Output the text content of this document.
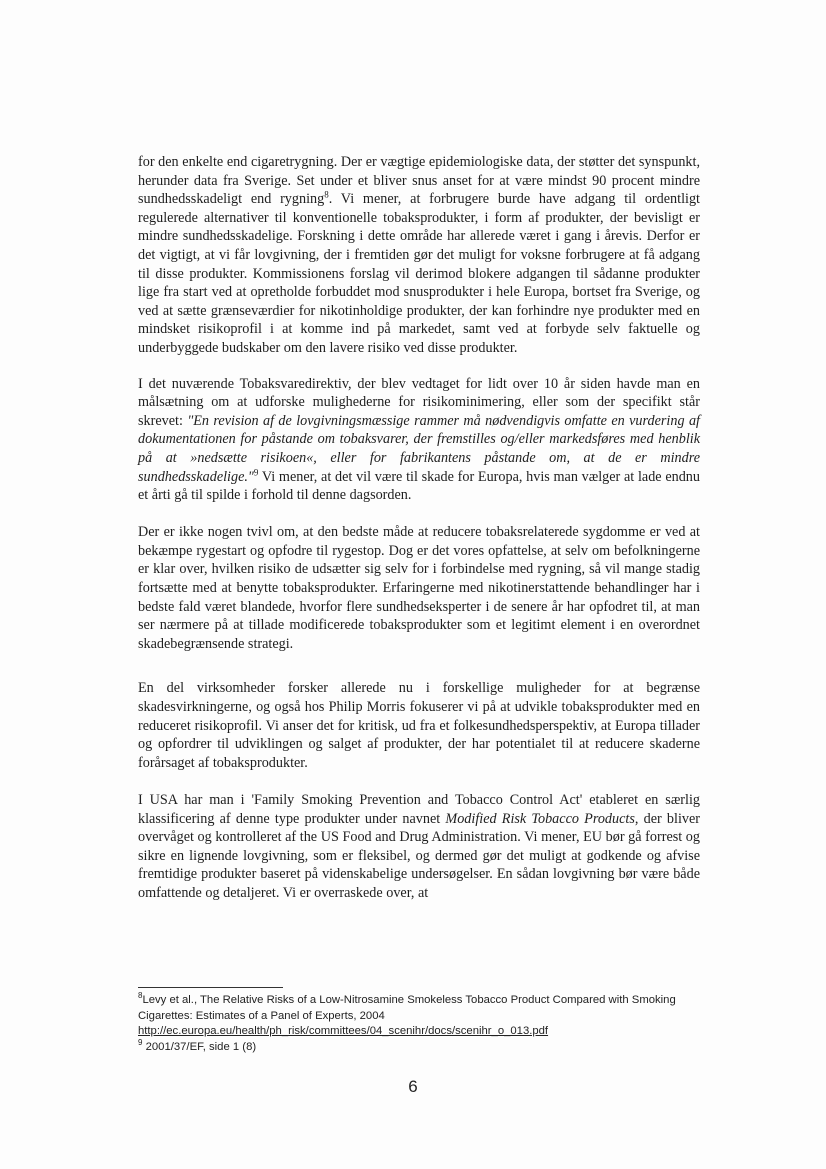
for den enkelte end cigaretrygning. Der er vægtige epidemiologiske data, der støtter det synspunkt, herunder data fra Sverige. Set under et bliver snus anset for at være mindst 90 procent mindre sundhedsskadeligt end rygning$^8$. Vi mener, at forbrugere burde have adgang til ordentligt regulerede alternativer til konventionelle tobaksprodukter, i form af produkter, der bevisligt er mindre sundhedsskadelige. Forskning i dette område har allerede været i gang i årevis. Derfor er det vigtigt, at vi får lovgivning, der i fremtiden gør det muligt for voksne forbrugere at få adgang til disse produkter. Kommissionens forslag vil derimod blokere adgangen til sådanne produkter lige fra start ved at opretholde forbuddet mod snusprodukter i hele Europa, bortset fra Sverige, og ved at sætte grænseværdier for nikotinholdige produkter, der kan forhindre nye produkter med en mindsket risikoprofil i at komme ind på markedet, samt ved at forbyde selv faktuelle og underbyggede budskaber om den lavere risiko ved disse produkter.

I det nuværende Tobaksvaredirektiv, der blev vedtaget for lidt over 10 år siden havde man en målsætning om at udforske mulighederne for risikominimering, eller som der specifikt står skrevet: "En revision af de lovgivningsmæssige rammer må nødvendigvis omfatte en vurdering af dokumentationen for påstande om tobaksvarer, der fremstilles og/eller markedsføres med henblik på at »nedsætte risikoen«, eller for fabrikantens påstande om, at de er mindre sundhedsskadelige."$^9$ Vi mener, at det vil være til skade for Europa, hvis man vælger at lade endnu et årti gå til spilde i forhold til denne dagsorden.

Der er ikke nogen tvivl om, at den bedste måde at reducere tobaksrelaterede sygdomme er ved at bekæmpe rygestart og opfodre til rygestop. Dog er det vores opfattelse, at selv om befolkningerne er klar over, hvilken risiko de udsætter sig selv for i forbindelse med rygning, så vil mange stadig fortsætte med at benytte tobaksprodukter. Erfaringerne med nikotinerstattende behandlinger har i bedste fald været blandede, hvorfor flere sundhedseksperter i de senere år har opfodret til, at man ser nærmere på at tillade modificerede tobaksprodukter som et legitimt element i en overordnet skadebegrænsende strategi.

En del virksomheder forsker allerede nu i forskellige muligheder for at begrænse skadesvirkningerne, og også hos Philip Morris fokuserer vi på at udvikle tobaksprodukter med en reduceret risikoprofil. Vi anser det for kritisk, ud fra et folkesundhedsperspektiv, at Europa tillader og opfordrer til udviklingen og salget af produkter, der har potentialet til at reducere skaderne forårsaget af tobaksprodukter.

I USA har man i 'Family Smoking Prevention and Tobacco Control Act' etableret en særlig klassificering af denne type produkter under navnet Modified Risk Tobacco Products, der bliver overvåget og kontrolleret af the US Food and Drug Administration. Vi mener, EU bør gå forrest og sikre en lignende lovgivning, som er fleksibel, og dermed gør det muligt at godkende og afvise fremtidige produkter baseret på videnskabelige undersøgelser. En sådan lovgivning bør være både omfattende og detaljeret. Vi er overraskede over, at

$^8$Levy et al., The Relative Risks of a Low-Nitrosamine Smokeless Tobacco Product Compared with Smoking Cigarettes: Estimates of a Panel of Experts, 2004

http://ec.europa.eu/health/ph_risk/committees/04_scenihr/docs/scenihr_o_013.pdf

$^9$ 2001/37/EF, side 1 (8)

6
